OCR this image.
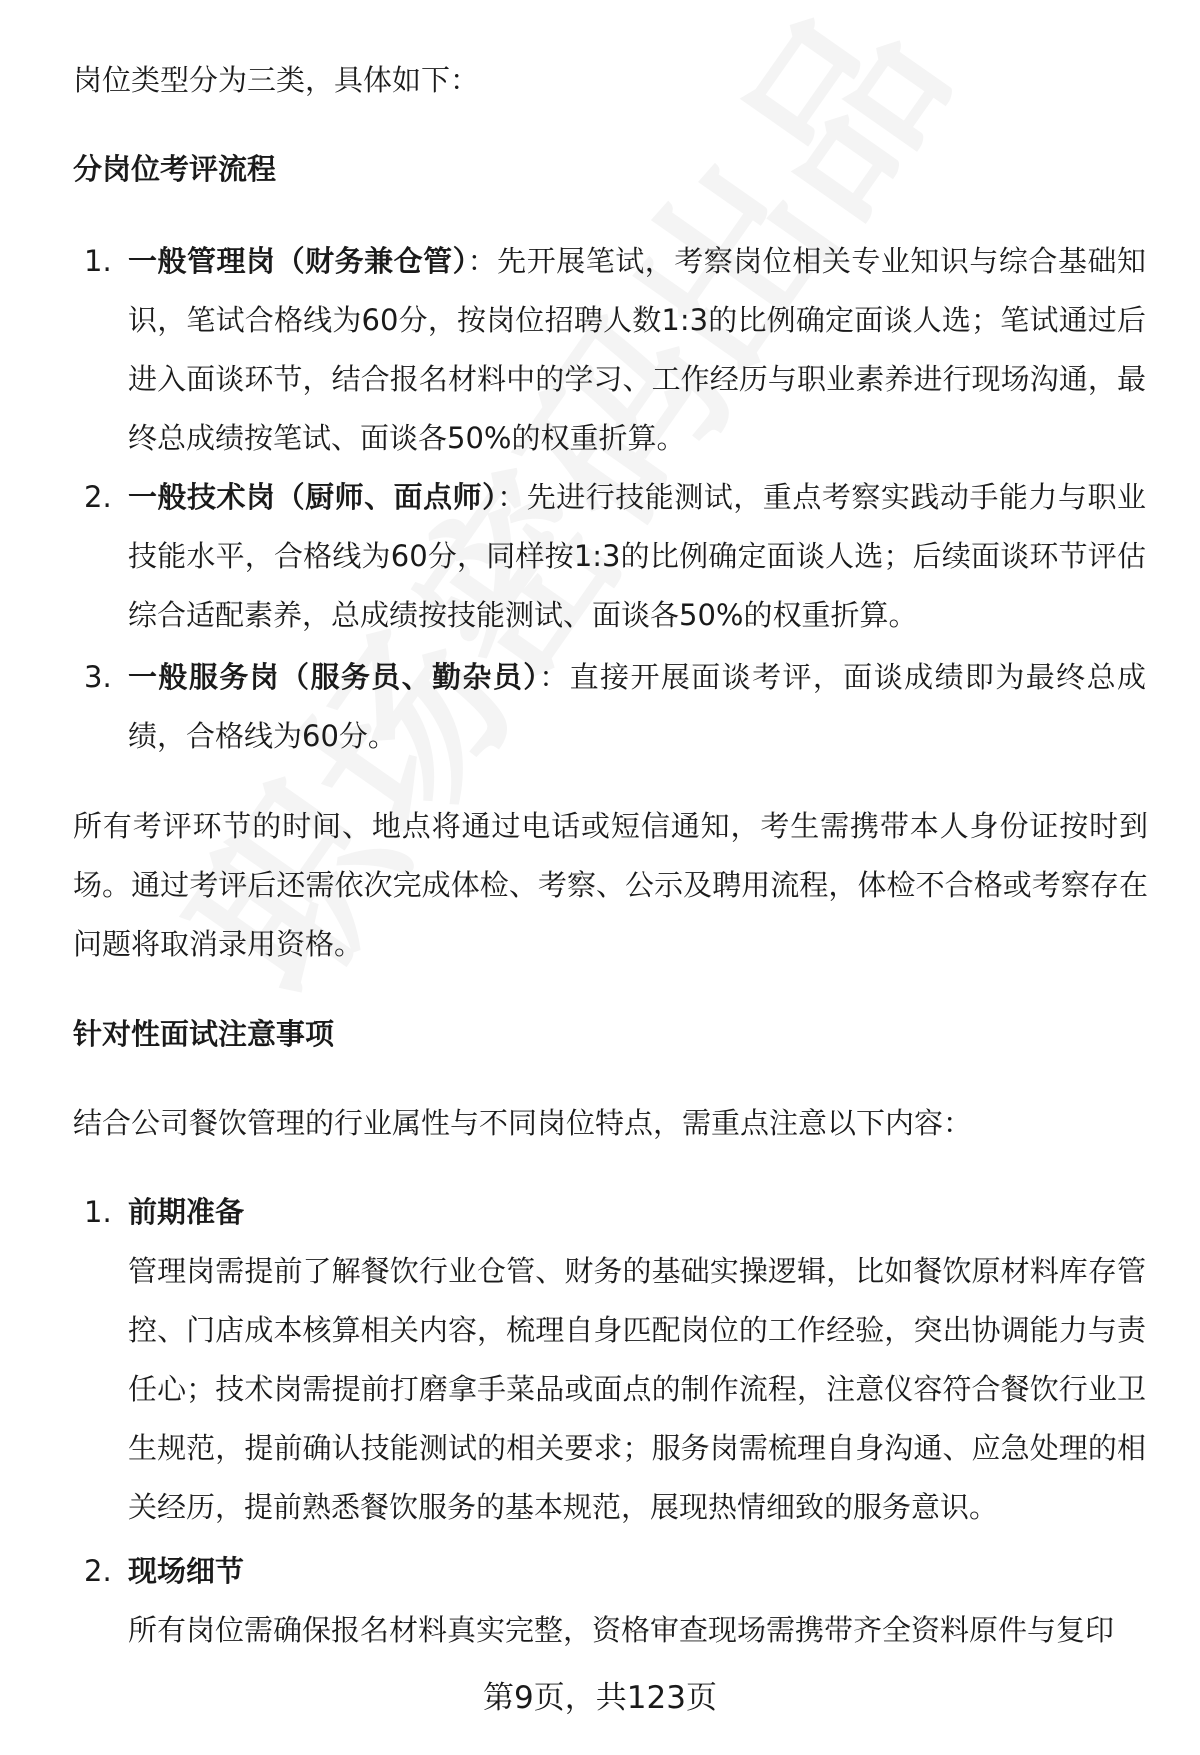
岗位类型分为三类，具体如下：
分岗位考评流程
1. 一般管理岗（财务兼仓管）：先开展笔试，考察岗位相关专业知识与综合基础知识，笔试合格线为60分，按岗位招聘人数1:3的比例确定面谈人选；笔试通过后进入面谈环节，结合报名材料中的学习、工作经历与职业素养进行现场沟通，最终总成绩按笔试、面谈各50%的权重折算。
2. 一般技术岗（厨师、面点师）：先进行技能测试，重点考察实践动手能力与职业技能水平，合格线为60分，同样按1:3的比例确定面谈人选；后续面谈环节评估综合适配素养，总成绩按技能测试、面谈各50%的权重折算。
3. 一般服务岗（服务员、勤杂员）：直接开展面谈考评，面谈成绩即为最终总成绩，合格线为60分。
所有考评环节的时间、地点将通过电话或短信通知，考生需携带本人身份证按时到场。通过考评后还需依次完成体检、考察、公示及聘用流程，体检不合格或考察存在问题将取消录用资格。
针对性面试注意事项
结合公司餐饮管理的行业属性与不同岗位特点，需重点注意以下内容：
1. 前期准备
管理岗需提前了解餐饮行业仓管、财务的基础实操逻辑，比如餐饮原材料库存管控、门店成本核算相关内容，梳理自身匹配岗位的工作经验，突出协调能力与责任心；技术岗需提前打磨拿手菜品或面点的制作流程，注意仪容符合餐饮行业卫生规范，提前确认技能测试的相关要求；服务岗需梳理自身沟通、应急处理的相关经历，提前熟悉餐饮服务的基本规范，展现热情细致的服务意识。
2. 现场细节
所有岗位需确保报名材料真实完整，资格审查现场需携带齐全资料原件与复印
第9页，共123页
